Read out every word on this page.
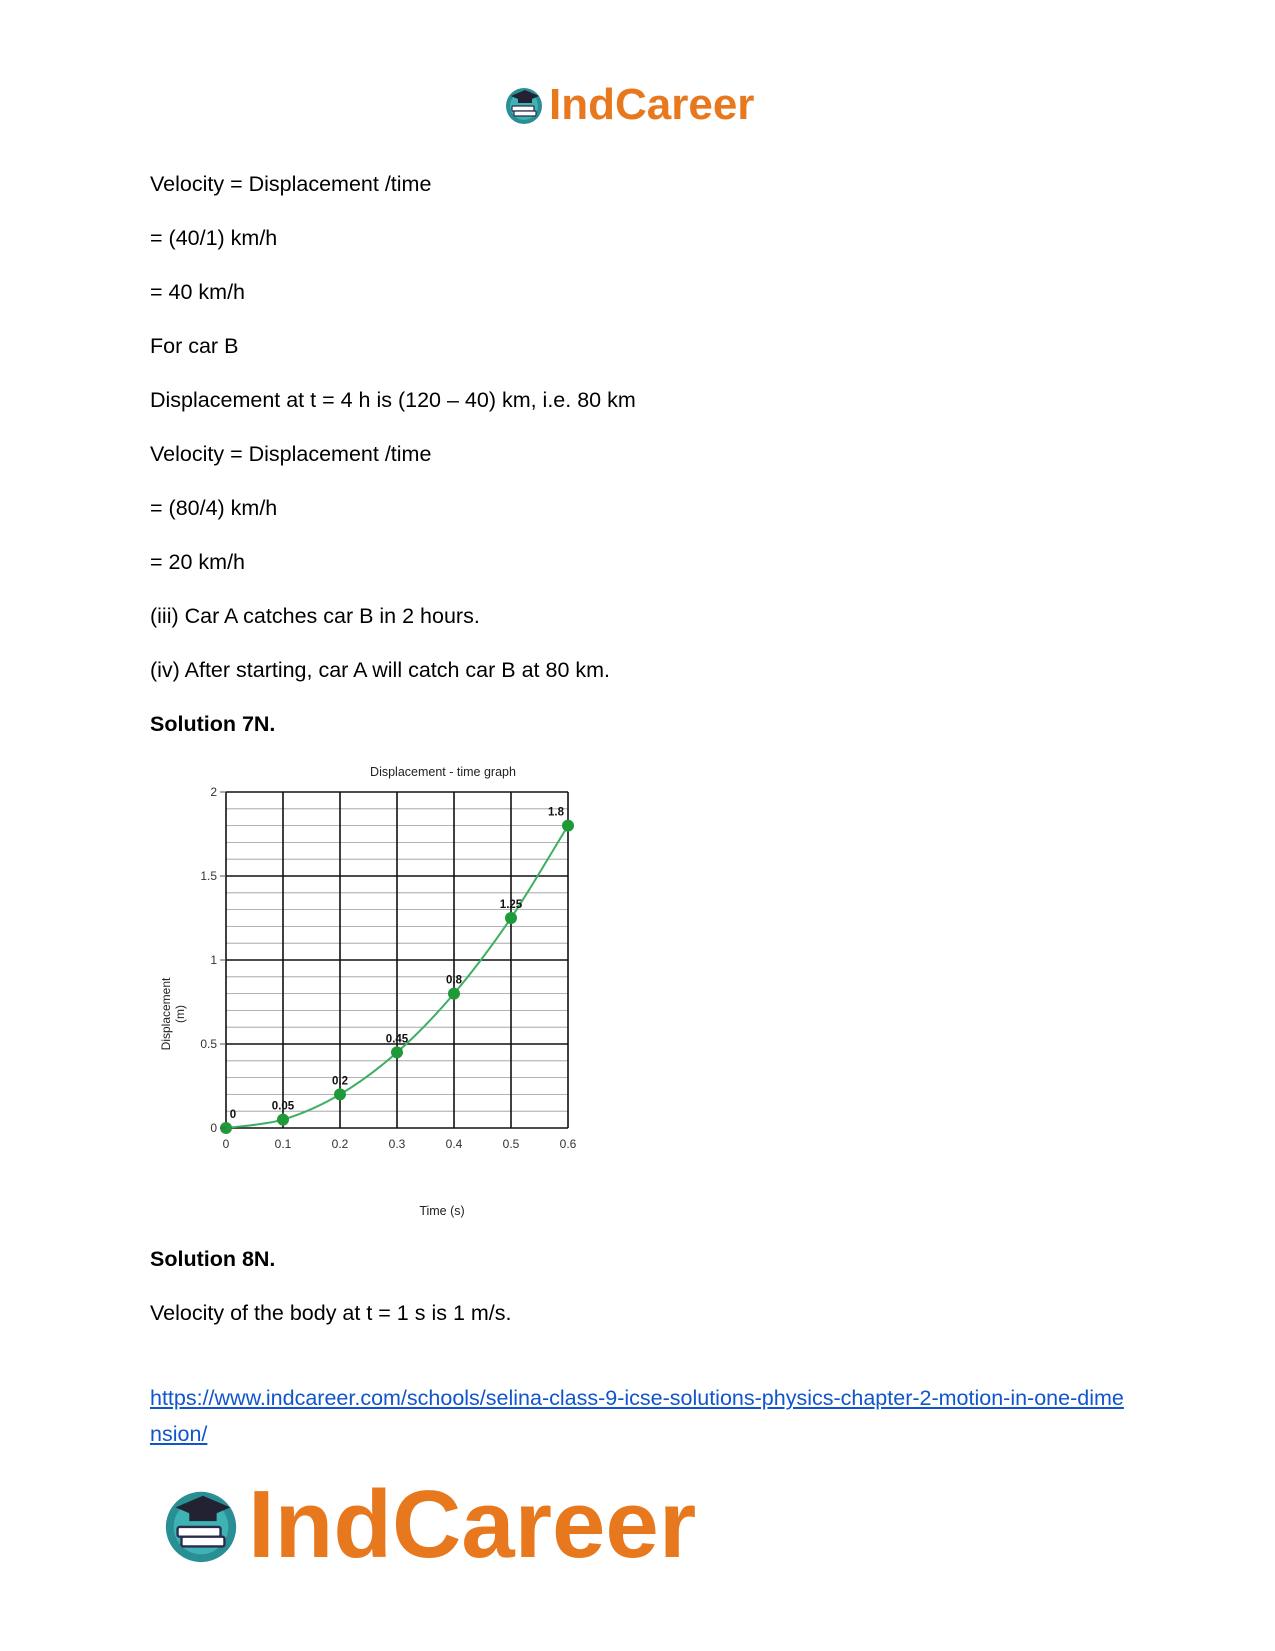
IndCareer

Velocity = Displacement /time

= (40/1) km/h

= 40 km/h

For car B

Displacement at t = 4 h is (120 – 40) km, i.e. 80 km

Velocity = Displacement /time

= (80/4) km/h

= 20 km/h

(iii) Car A catches car B in 2 hours.

(iv) After starting, car A will catch car B at 80 km.

Solution 7N.

Solution 8N.

Velocity of the body at t = 1 s is 1 m/s.

0
0.05
0.2
0.45
0.8
1.25
1.8
0
0.5
1
1.5
2
0	0.1	0.2	0.3	0.4	0.5	0.6
Displacement - time graph
Time (s)
Displacement (m)
https://www.indcareer.com/schools/selina-class-9-icse-solutions-physics-chapter-2-motion-in-one-dimension/
IndCareer
